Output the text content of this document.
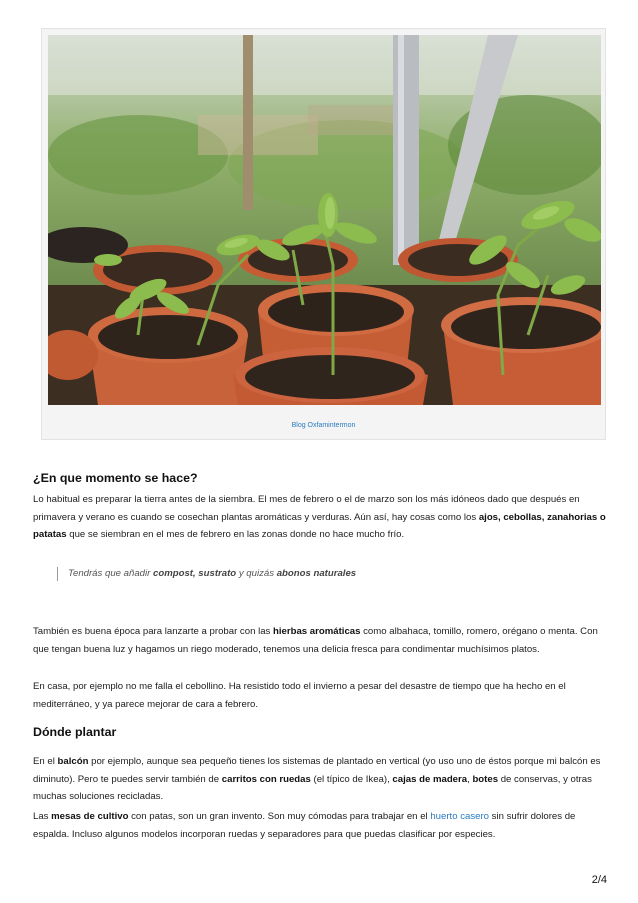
Blog Oxfamintermon
¿En que momento se hace?

Lo habitual es preparar la tierra antes de la siembra. El mes de febrero o el de marzo son los más idóneos dado que después en primavera y verano es cuando se cosechan plantas aromáticas y verduras. Aún así, hay cosas como los ajos, cebollas, zanahorias o patatas que se siembran en el mes de febrero en las zonas donde no hace mucho frío.

Tendrás que añadir compost, sustrato y quizás abonos naturales

También es buena época para lanzarte a probar con las hierbas aromáticas como albahaca, tomillo, romero, orégano o menta. Con que tengan buena luz y hagamos un riego moderado, tenemos una delicia fresca para condimentar muchísimos platos.

En casa, por ejemplo no me falla el cebollino. Ha resistido todo el invierno a pesar del desastre de tiempo que ha hecho en el mediterráneo, y ya parece mejorar de cara a febrero.

Dónde plantar

En el balcón por ejemplo, aunque sea pequeño tienes los sistemas de plantado en vertical (yo uso uno de éstos porque mi balcón es diminuto). Pero te puedes servir también de carritos con ruedas (el típico de Ikea), cajas de madera, botes de conservas, y otras muchas soluciones recicladas.

Las mesas de cultivo con patas, son un gran invento. Son muy cómodas para trabajar en el huerto casero sin sufrir dolores de espalda. Incluso algunos modelos incorporan ruedas y separadores para que puedas clasificar por especies.

2/4
